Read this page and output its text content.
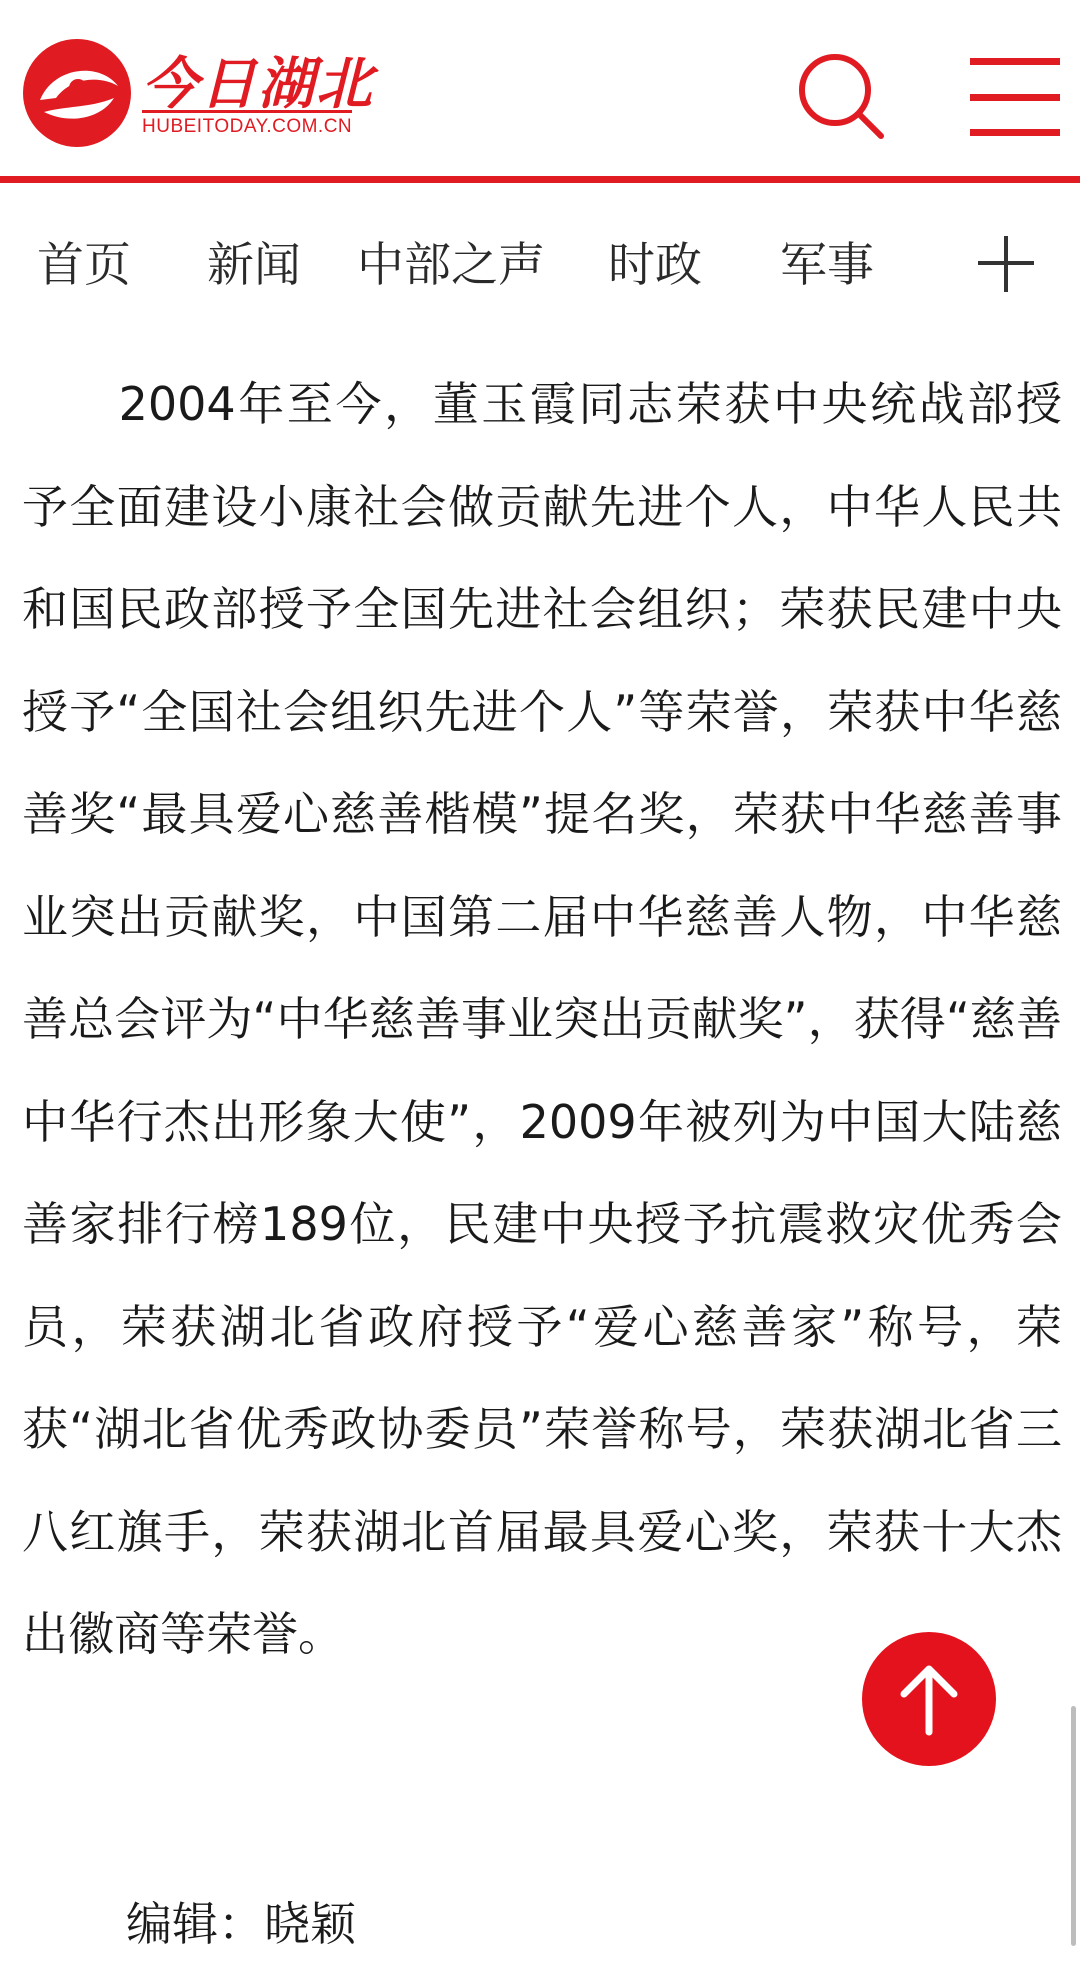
今日湖北
HUBEITODAY.COM.CN
首页 新闻 中部之声 时政 军事

2004年至今，董玉霞同志荣获中央统战部授予全面建设小康社会做贡献先进个人，中华人民共和国民政部授予全国先进社会组织；荣获民建中央授予“全国社会组织先进个人”等荣誉，荣获中华慈善奖“最具爱心慈善楷模”提名奖，荣获中华慈善事业突出贡献奖，中国第二届中华慈善人物，中华慈善总会评为“中华慈善事业突出贡献奖”，获得“慈善中华行杰出形象大使”，2009年被列为中国大陆慈善家排行榜189位，民建中央授予抗震救灾优秀会员，荣获湖北省政府授予“爱心慈善家”称号，荣获“湖北省优秀政协委员”荣誉称号，荣获湖北省三八红旗手，荣获湖北首届最具爱心奖，荣获十大杰出徽商等荣誉。

编辑：晓颖
